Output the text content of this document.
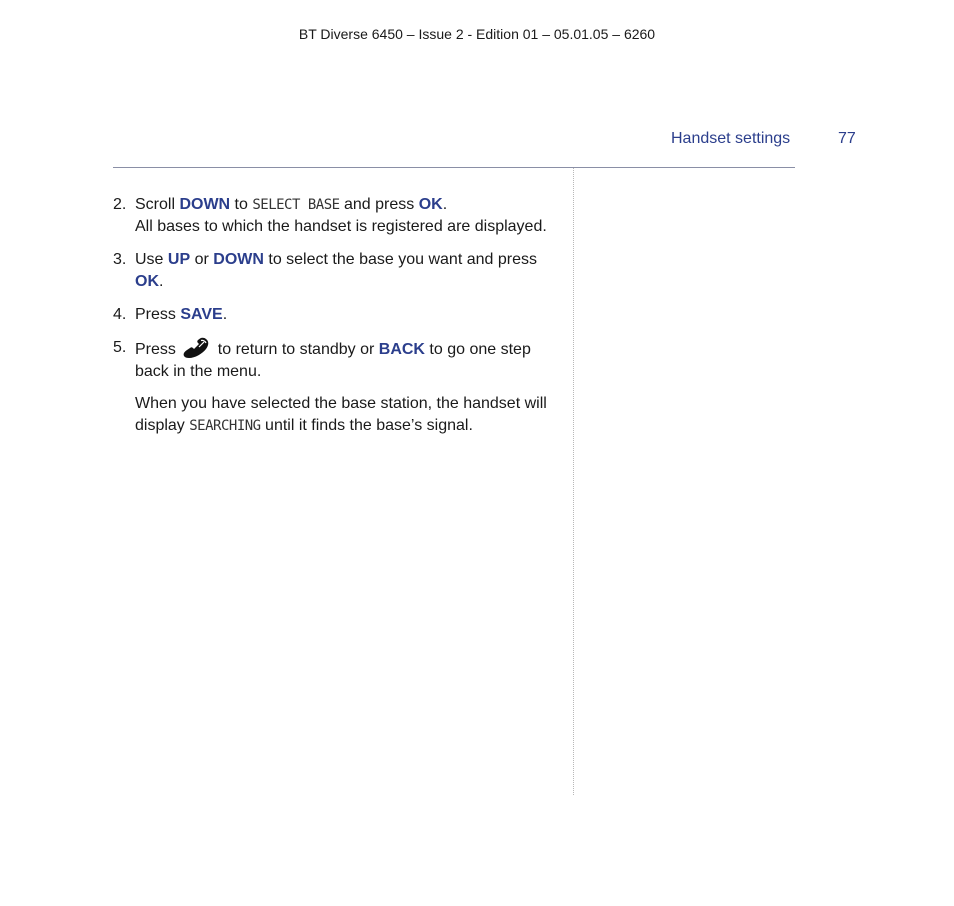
BT Diverse 6450 – Issue 2 - Edition 01 – 05.01.05 – 6260
Handset settings	77
2. Scroll DOWN to SELECT BASE and press OK.
All bases to which the handset is registered are displayed.
3. Use UP or DOWN to select the base you want and press OK.
4. Press SAVE.
5. Press  to return to standby or BACK to go one step back in the menu.
When you have selected the base station, the handset will display SEARCHING until it finds the base’s signal.
